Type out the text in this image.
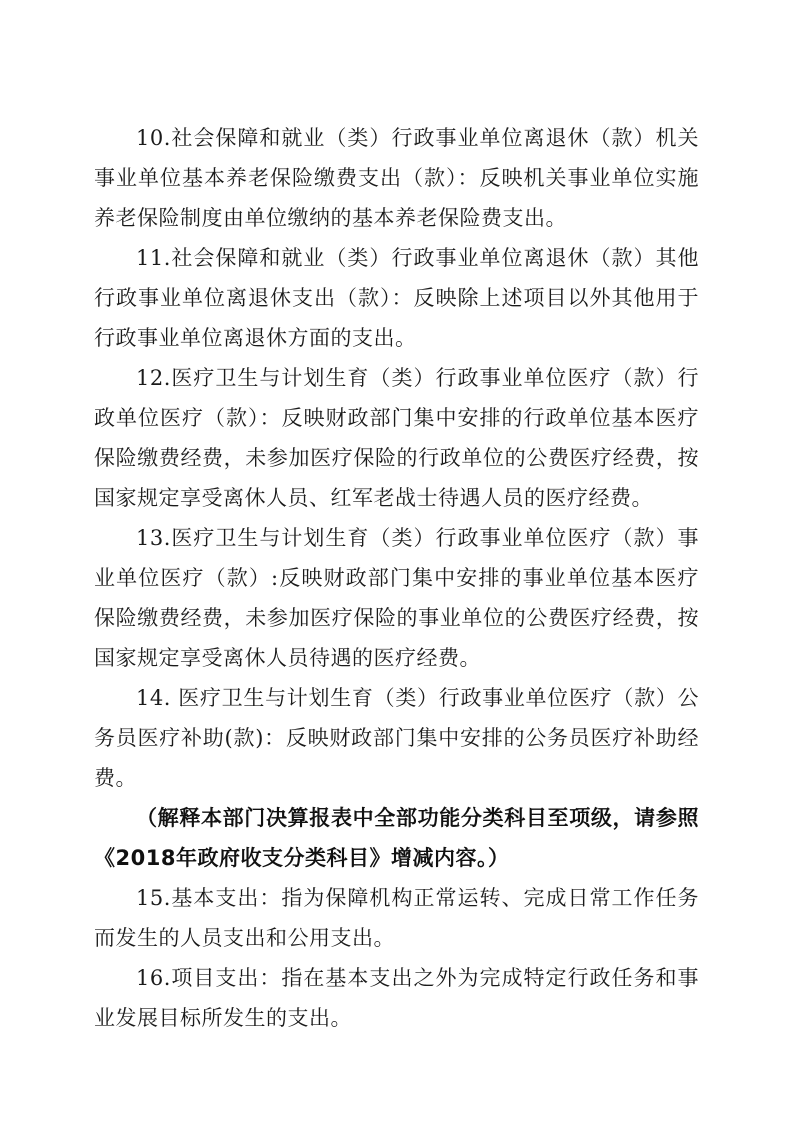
10.社会保障和就业（类）行政事业单位离退休（款）机关事业单位基本养老保险缴费支出（款）：反映机关事业单位实施养老保险制度由单位缴纳的基本养老保险费支出。

11.社会保障和就业（类）行政事业单位离退休（款）其他行政事业单位离退休支出（款）：反映除上述项目以外其他用于行政事业单位离退休方面的支出。

12.医疗卫生与计划生育（类）行政事业单位医疗（款）行政单位医疗（款）：反映财政部门集中安排的行政单位基本医疗保险缴费经费，未参加医疗保险的行政单位的公费医疗经费，按国家规定享受离休人员、红军老战士待遇人员的医疗经费。

13.医疗卫生与计划生育（类）行政事业单位医疗（款）事业单位医疗（款）:反映财政部门集中安排的事业单位基本医疗保险缴费经费，未参加医疗保险的事业单位的公费医疗经费，按国家规定享受离休人员待遇的医疗经费。

14. 医疗卫生与计划生育（类）行政事业单位医疗（款）公务员医疗补助(款)：反映财政部门集中安排的公务员医疗补助经费。

（解释本部门决算报表中全部功能分类科目至项级，请参照《2018年政府收支分类科目》增减内容。）

15.基本支出：指为保障机构正常运转、完成日常工作任务而发生的人员支出和公用支出。

16.项目支出：指在基本支出之外为完成特定行政任务和事业发展目标所发生的支出。
